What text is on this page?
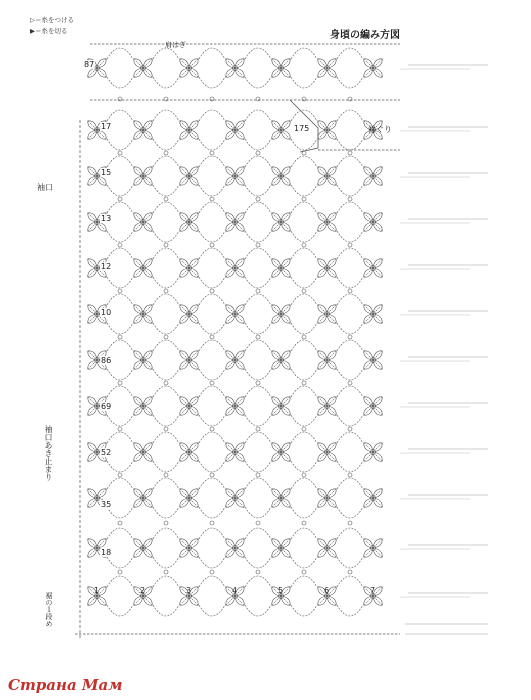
▷＝糸をつける
▶＝糸を切る	身頃の編み方図
肩はぎ
衿ぐり
袖口
袖口あき止まり
裾の１段め
87
17
15
13
12
10
86
69
52
35
18
175
1	2	3	4	5	6	7
Страна Мам
